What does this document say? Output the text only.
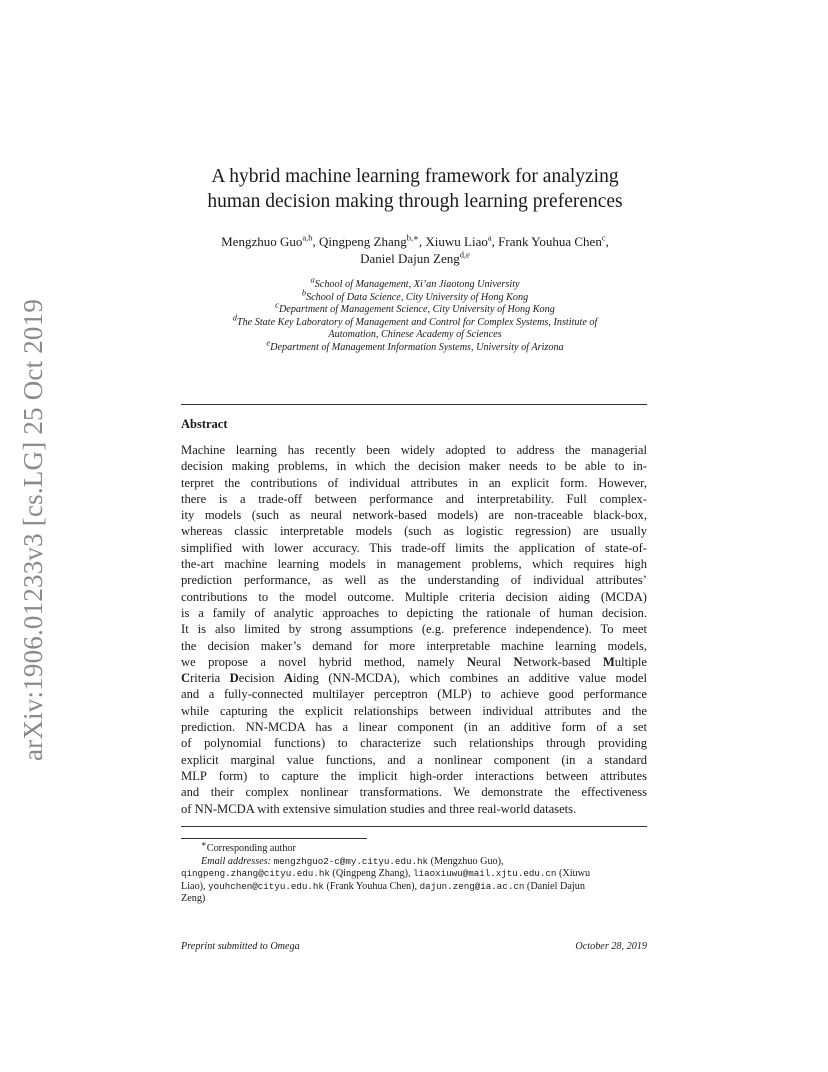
arXiv:1906.01233v3 [cs.LG] 25 Oct 2019
A hybrid machine learning framework for analyzing
human decision making through learning preferences
Mengzhuo Guo$^{a,b}$, Qingpeng Zhang$^{b,∗}$, Xiuwu Liao$^a$, Frank Youhua Chen$^c$,
Daniel Dajun Zeng$^{d,e}$
$^a$School of Management, Xi’an Jiaotong University
$^b$School of Data Science, City University of Hong Kong
$^c$Department of Management Science, City University of Hong Kong
$^d$The State Key Laboratory of Management and Control for Complex Systems, Institute of
Automation, Chinese Academy of Sciences
$^e$Department of Management Information Systems, University of Arizona
Abstract
Machine learning has recently been widely adopted to address the managerial
decision making problems, in which the decision maker needs to be able to in-
terpret the contributions of individual attributes in an explicit form. However,
there is a trade-off between performance and interpretability. Full complex-
ity models (such as neural network-based models) are non-traceable black-box,
whereas classic interpretable models (such as logistic regression) are usually
simplified with lower accuracy. This trade-off limits the application of state-of-
the-art machine learning models in management problems, which requires high
prediction performance, as well as the understanding of individual attributes’
contributions to the model outcome. Multiple criteria decision aiding (MCDA)
is a family of analytic approaches to depicting the rationale of human decision.
It is also limited by strong assumptions (e.g. preference independence). To meet
the decision maker’s demand for more interpretable machine learning models,
we propose a novel hybrid method, namely Neural Network-based Multiple
Criteria Decision Aiding (NN-MCDA), which combines an additive value model
and a fully-connected multilayer perceptron (MLP) to achieve good performance
while capturing the explicit relationships between individual attributes and the
prediction. NN-MCDA has a linear component (in an additive form of a set
of polynomial functions) to characterize such relationships through providing
explicit marginal value functions, and a nonlinear component (in a standard
MLP form) to capture the implicit high-order interactions between attributes
and their complex nonlinear transformations. We demonstrate the effectiveness
of NN-MCDA with extensive simulation studies and three real-world datasets.
∗Corresponding author
Email addresses: mengzhguo2-c@my.cityu.edu.hk (Mengzhuo Guo),
qingpeng.zhang@cityu.edu.hk (Qingpeng Zhang), liaoxiuwu@mail.xjtu.edu.cn (Xiuwu
Liao), youhchen@cityu.edu.hk (Frank Youhua Chen), dajun.zeng@ia.ac.cn (Daniel Dajun
Zeng)
Preprint submitted to Omega	October 28, 2019
